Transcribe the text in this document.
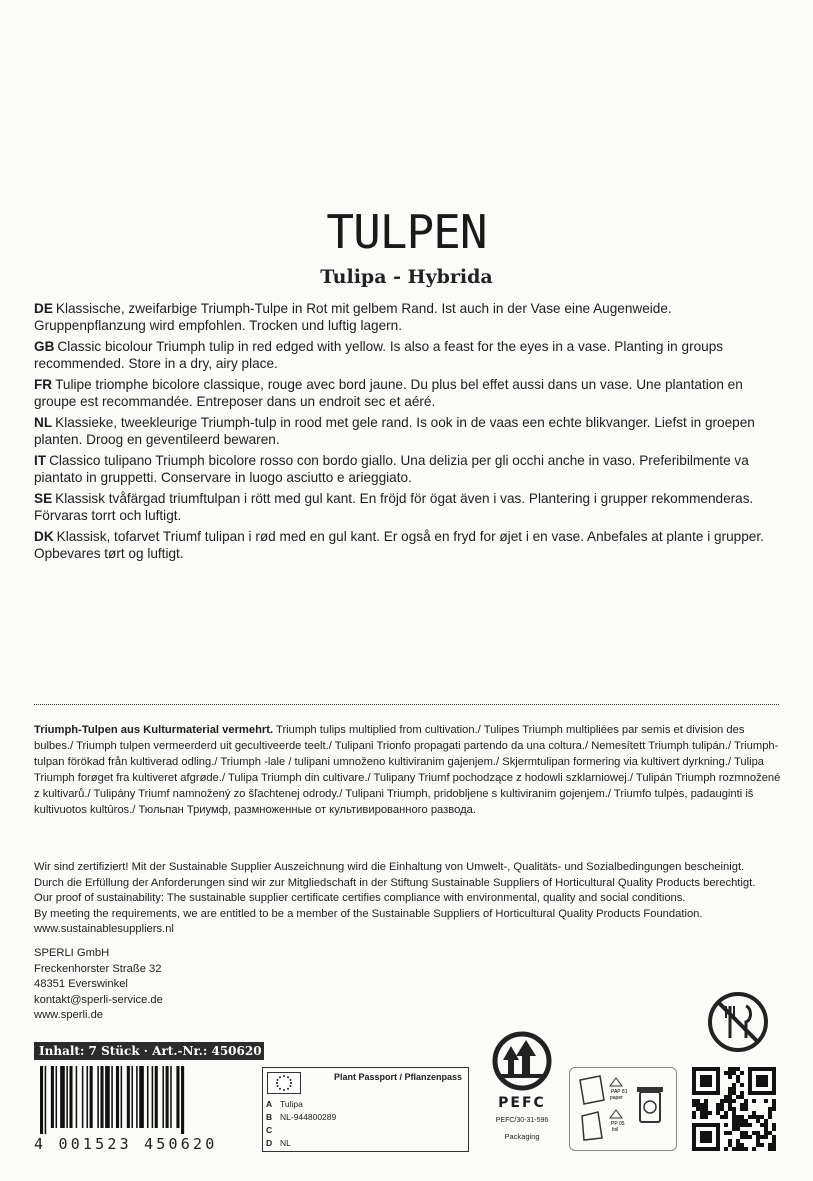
TULPEN
Tulipa - Hybrida
DE Klassische, zweifarbige Triumph-Tulpe in Rot mit gelbem Rand. Ist auch in der Vase eine Augenweide. Gruppenpflanzung wird empfohlen. Trocken und luftig lagern.
GB Classic bicolour Triumph tulip in red edged with yellow. Is also a feast for the eyes in a vase. Planting in groups recommended. Store in a dry, airy place.
FR Tulipe triomphe bicolore classique, rouge avec bord jaune. Du plus bel effet aussi dans un vase. Une plantation en groupe est recommandée. Entreposer dans un endroit sec et aéré.
NL Klassieke, tweekleurige Triumph-tulp in rood met gele rand. Is ook in de vaas een echte blikvanger. Liefst in groepen planten. Droog en geventileerd bewaren.
IT Classico tulipano Triumph bicolore rosso con bordo giallo. Una delizia per gli occhi anche in vaso. Preferibilmente va piantato in gruppetti. Conservare in luogo asciutto e arieggiato.
SE Klassisk tvåfärgad triumftulpan i rött med gul kant. En fröjd för ögat även i vas. Plantering i grupper rekommenderas. Förvaras torrt och luftigt.
DK Klassisk, tofarvet Triumf tulipan i rød med en gul kant. Er også en fryd for øjet i en vase. Anbefales at plante i grupper. Opbevares tørt og luftigt.
Triumph-Tulpen aus Kulturmaterial vermehrt. Triumph tulips multiplied from cultivation./ Tulipes Triumph multipliées par semis et division des bulbes./ Triumph tulpen vermeerderd uit gecultiveerde teelt./ Tulipani Trionfo propagati partendo da una coltura./ Nemesített Triumph tulipán./ Triumph-tulpan förökad från kultiverad odling./ Triumph -lale / tulipani umnoženo kultiviranim gajenjem./ Skjermtulipan formering via kultivert dyrkning./ Tulipa Triumph forøget fra kultiveret afgrøde./ Tulipa Triumph din cultivare./ Tulipany Triumf pochodzące z hodowli szklarniowej./ Tulipán Triumph rozmnožené z kultivarů./ Tulipány Triumf namnožený zo šľachtenej odrody./ Tulipani Triumph, pridobljene s kultiviranim gojenjem./ Triumfo tulpės, padauginti iš kultivuotos kultūros./ Тюльпан Триумф, размноженные от культивированного развода.
Wir sind zertifiziert! Mit der Sustainable Supplier Auszeichnung wird die Einhaltung von Umwelt-, Qualitäts- und Sozialbedingungen bescheinigt.
Durch die Erfüllung der Anforderungen sind wir zur Mitgliedschaft in der Stiftung Sustainable Suppliers of Horticultural Quality Products berechtigt.
Our proof of sustainability: The sustainable supplier certificate certifies compliance with environmental, quality and social conditions.
By meeting the requirements, we are entitled to be a member of the Sustainable Suppliers of Horticultural Quality Products Foundation.
www.sustainablesuppliers.nl
SPERLI GmbH
Freckenhorster Straße 32
48351 Everswinkel
kontakt@sperli-service.de
www.sperli.de
Inhalt: 7 Stück · Art.-Nr.: 450620
4 001523 450620
Plant Passport / Pflanzenpass
A Tulipa
B NL-944800289
C
D NL
PEFC
PEFC/30-31-596
Packaging
PAP 81
paper
PP 05
foil
